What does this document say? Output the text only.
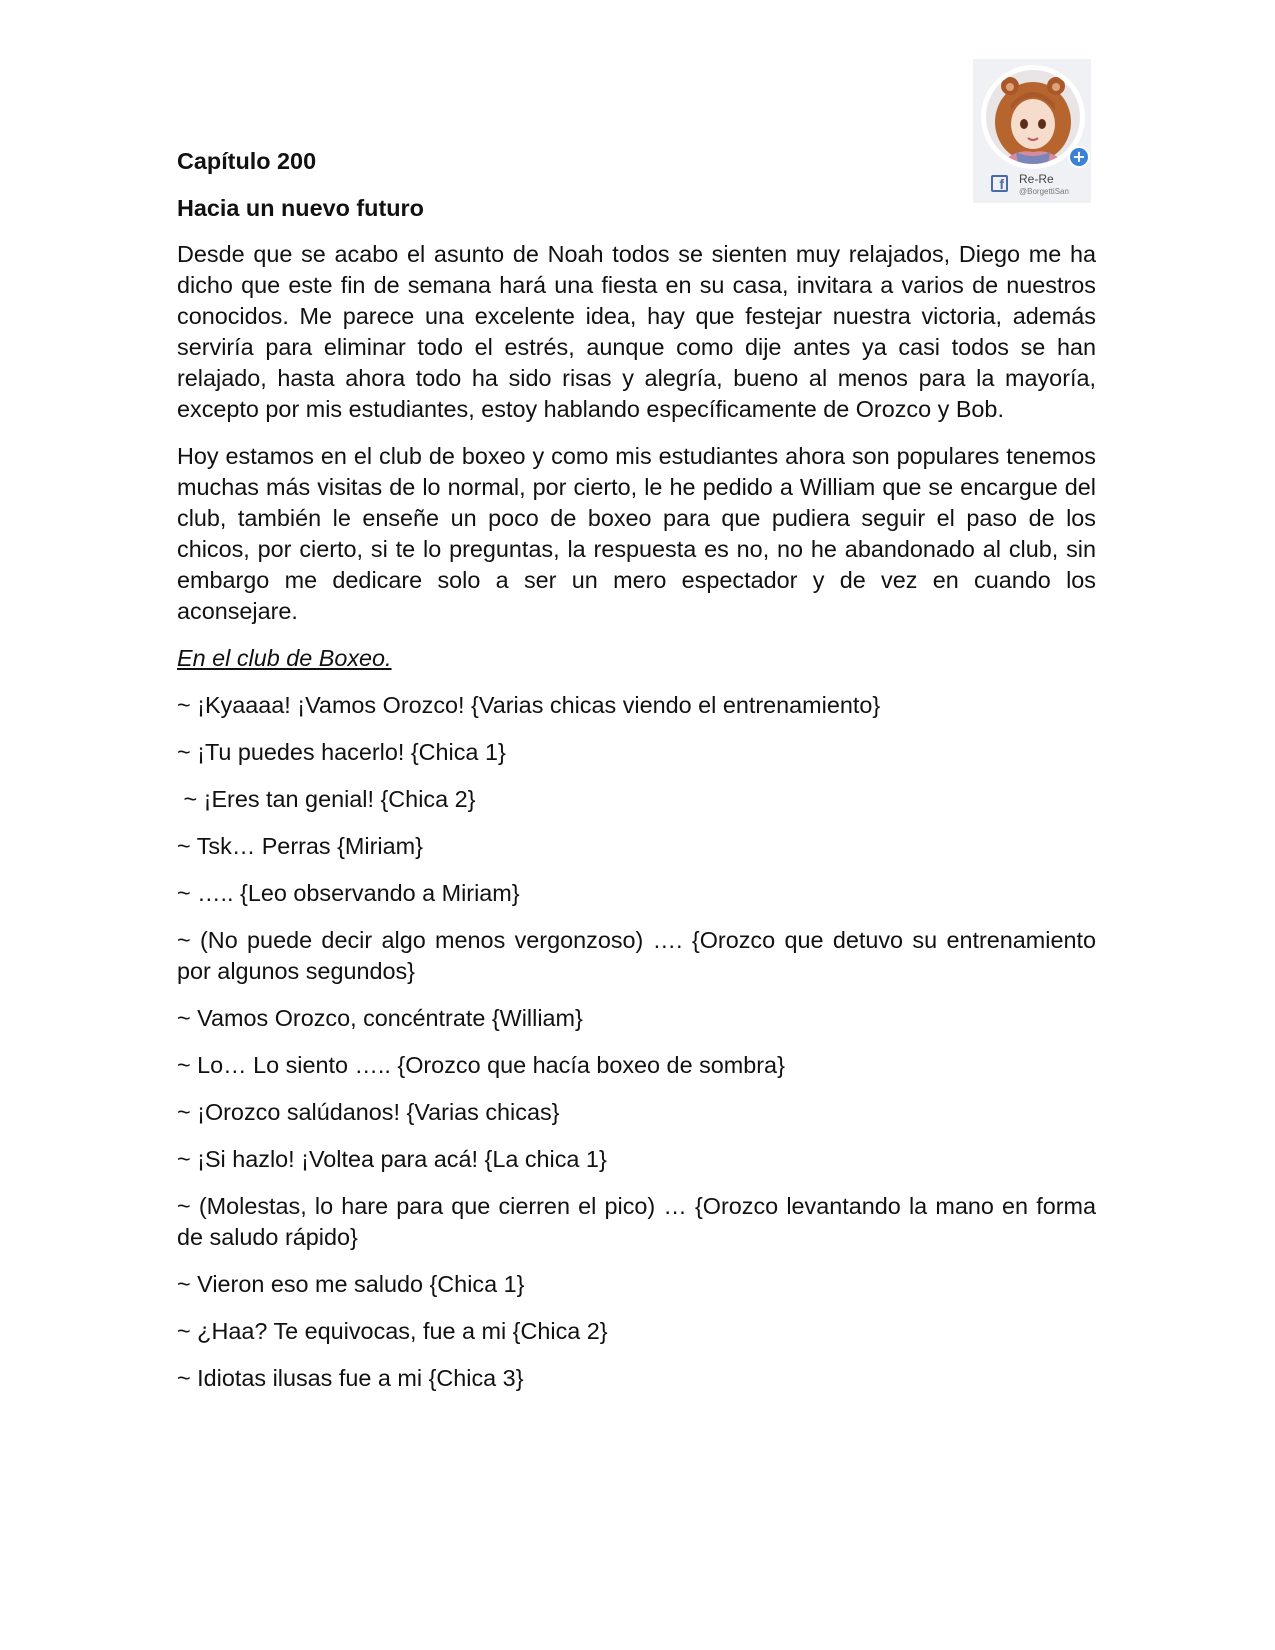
+
f	Re-Re
@BorgettiSan

Capítulo 200

Hacia un nuevo futuro

Desde que se acabo el asunto de Noah todos se sienten muy relajados, Diego me ha dicho que este fin de semana hará una fiesta en su casa, invitara a varios de nuestros conocidos. Me parece una excelente idea, hay que festejar nuestra victoria, además serviría para eliminar todo el estrés, aunque como dije antes ya casi todos se han relajado, hasta ahora todo ha sido risas y alegría, bueno al menos para la mayoría, excepto por mis estudiantes, estoy hablando específicamente de Orozco y Bob.

Hoy estamos en el club de boxeo y como mis estudiantes ahora son populares tenemos muchas más visitas de lo normal, por cierto, le he pedido a William que se encargue del club, también le enseñe un poco de boxeo para que pudiera seguir el paso de los chicos, por cierto, si te lo preguntas, la respuesta es no, no he abandonado al club, sin embargo me dedicare solo a ser un mero espectador y de vez en cuando los aconsejare.

En el club de Boxeo.

~ ¡Kyaaaa! ¡Vamos Orozco! {Varias chicas viendo el entrenamiento}

~ ¡Tu puedes hacerlo! {Chica 1}

~ ¡Eres tan genial! {Chica 2}

~ Tsk… Perras {Miriam}

~ ….. {Leo observando a Miriam}

~ (No puede decir algo menos vergonzoso) …. {Orozco que detuvo su entrenamiento por algunos segundos}

~ Vamos Orozco, concéntrate {William}

~ Lo… Lo siento ….. {Orozco que hacía boxeo de sombra}

~ ¡Orozco salúdanos! {Varias chicas}

~ ¡Si hazlo! ¡Voltea para acá! {La chica 1}

~ (Molestas, lo hare para que cierren el pico) … {Orozco levantando la mano en forma de saludo rápido}

~ Vieron eso me saludo {Chica 1}

~ ¿Haa? Te equivocas, fue a mi {Chica 2}

~ Idiotas ilusas fue a mi {Chica 3}
